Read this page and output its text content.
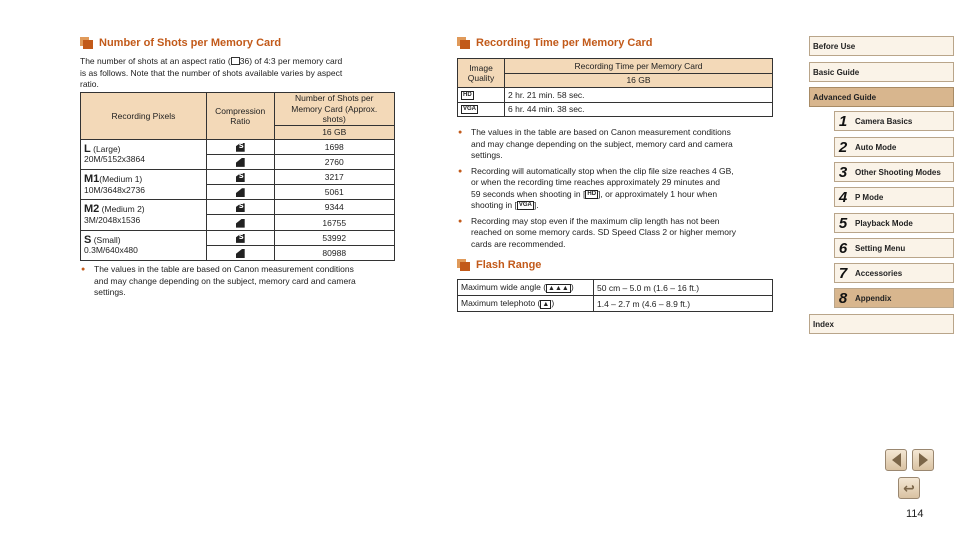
Number of Shots per Memory Card
The number of shots at an aspect ratio ( 36) of 4:3 per memory card
is as follows. Note that the number of shots available varies by aspect
ratio.
Recording Pixels	Compression Ratio	Number of Shots per Memory Card (Approx. shots)
		16 GB

L (Large)
20M/5152x3864
	S	1698
		2760

M1(Medium 1)
10M/3648x2736
	S	3217
		5061

M2 (Medium 2)
3M/2048x1536
	S	9344
		16755

S (Small)
0.3M/640x480
	S	53992
		80988
● The values in the table are based on Canon measurement conditions
and may change depending on the subject, memory card and camera
settings.
Recording Time per Memory Card
Image
Quality	Recording Time per Memory Card
	16 GB
HD	2 hr. 21 min. 58 sec.
VGA	6 hr. 44 min. 38 sec.
● The values in the table are based on Canon measurement conditions
and may change depending on the subject, memory card and camera
settings.
● Recording will automatically stop when the clip file size reaches 4 GB,
or when the recording time reaches approximately 29 minutes and
59 seconds when shooting in [ HD ], or approximately 1 hour when
shooting in [ VGA ].
● Recording may stop even if the maximum clip length has not been
reached on some memory cards. SD Speed Class 2 or higher memory
cards are recommended.
Flash Range
Maximum wide angle ( ▲▲▲ )	50 cm – 5.0 m (1.6 – 16 ft.)
Maximum telephoto ( ▲ )	1.4 – 2.7 m (4.6 – 8.9 ft.)
Before Use
Basic Guide
Advanced Guide
1 Camera Basics
2 Auto Mode
3 Other Shooting Modes
4 P Mode
5 Playback Mode
6 Setting Menu
7 Accessories
8 Appendix
Index
↩
114
